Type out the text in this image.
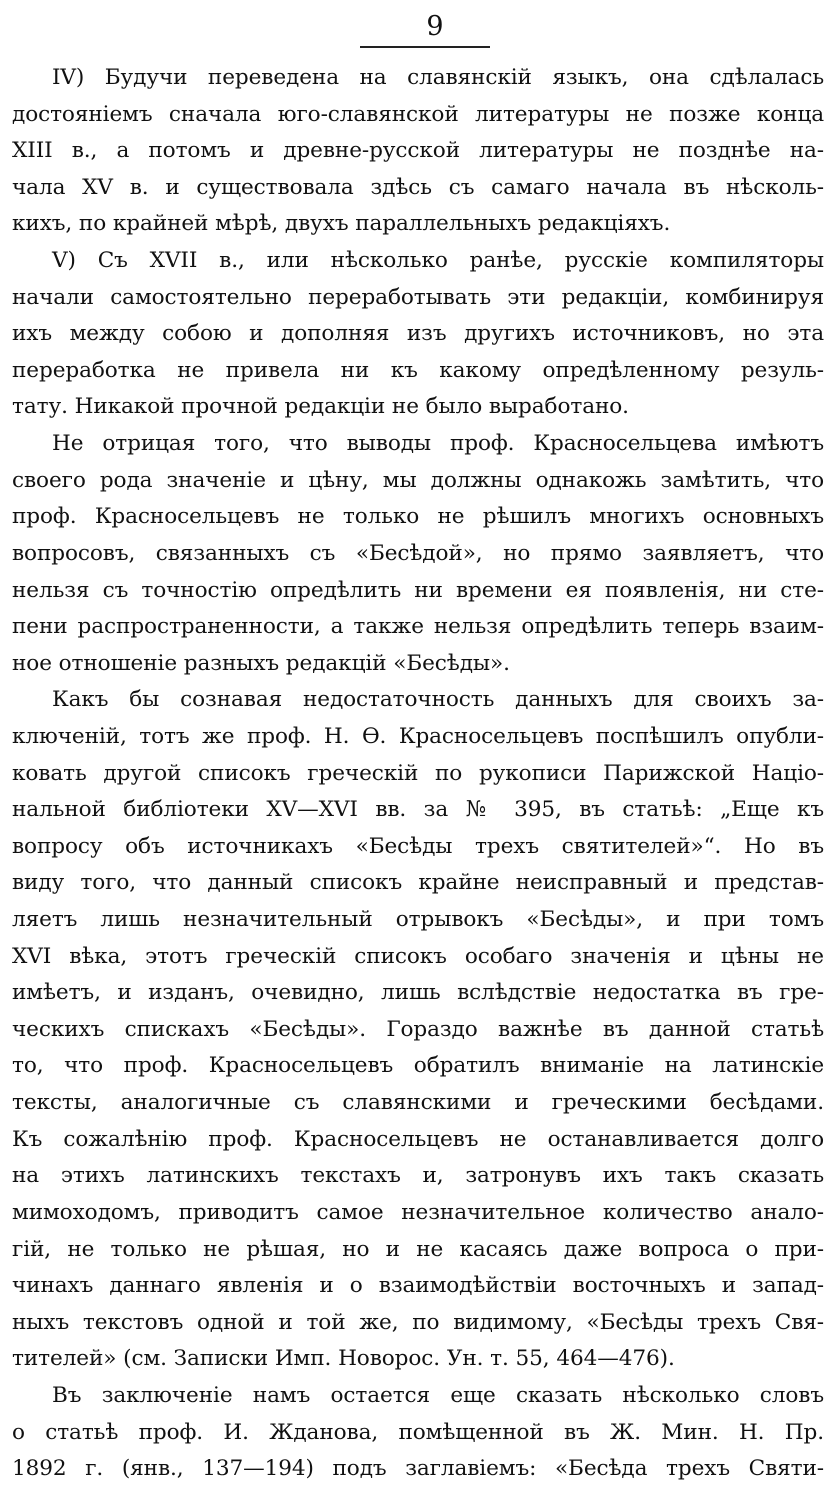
9
IV) Будучи переведена на славянскій языкъ, она сдѣлалась
достояніемъ сначала юго-славянской литературы не позже конца
XIII в., а потомъ и древне-русской литературы не позднѣе на-
чала XV в. и существовала здѣсь съ самаго начала въ нѣсколь-
кихъ, по крайней мѣрѣ, двухъ параллельныхъ редакціяхъ.
V) Съ XVII в., или нѣсколько ранѣе, русскіе компиляторы
начали самостоятельно переработывать эти редакціи, комбинируя
ихъ между собою и дополняя изъ другихъ источниковъ, но эта
переработка не привела ни къ какому опредѣленному резуль-
тату. Никакой прочной редакціи не было выработано.
Не отрицая того, что выводы проф. Красносельцева имѣютъ
своего рода значеніе и цѣну, мы должны однакожь замѣтить, что
проф. Красносельцевъ не только не рѣшилъ многихъ основныхъ
вопросовъ, связанныхъ съ «Бесѣдой», но прямо заявляетъ, что
нельзя съ точностію опредѣлить ни времени ея появленія, ни сте-
пени распространенности, а также нельзя опредѣлить теперь взаим-
ное отношеніе разныхъ редакцій «Бесѣды».
Какъ бы сознавая недостаточность данныхъ для своихъ за-
ключеній, тотъ же проф. Н. Ѳ. Красносельцевъ поспѣшилъ опубли-
ковать другой списокъ греческій по рукописи Парижской Націо-
нальной библіотеки XV—XVI вв. за № 395, въ статьѣ: „Еще къ
вопросу объ источникахъ «Бесѣды трехъ святителей»“. Но въ
виду того, что данный списокъ крайне неисправный и представ-
ляетъ лишь незначительный отрывокъ «Бесѣды», и при томъ
XVI вѣка, этотъ греческій списокъ особаго значенія и цѣны не
имѣетъ, и изданъ, очевидно, лишь вслѣдствіе недостатка въ гре-
ческихъ спискахъ «Бесѣды». Гораздо важнѣе въ данной статьѣ
то, что проф. Красносельцевъ обратилъ вниманіе на латинскіе
тексты, аналогичные съ славянскими и греческими бесѣдами.
Къ сожалѣнію проф. Красносельцевъ не останавливается долго
на этихъ латинскихъ текстахъ и, затронувъ ихъ такъ сказать
мимоходомъ, приводитъ самое незначительное количество анало-
гій, не только не рѣшая, но и не касаясь даже вопроса о при-
чинахъ даннаго явленія и о взаимодѣйствіи восточныхъ и запад-
ныхъ текстовъ одной и той же, по видимому, «Бесѣды трехъ Свя-
тителей» (см. Записки Имп. Новорос. Ун. т. 55, 464—476).
Въ заключеніе намъ остается еще сказать нѣсколько словъ
о статьѣ проф. И. Жданова, помѣщенной въ Ж. Мин. Н. Пр.
1892 г. (янв., 137—194) подъ заглавіемъ: «Бесѣда трехъ Святи-
